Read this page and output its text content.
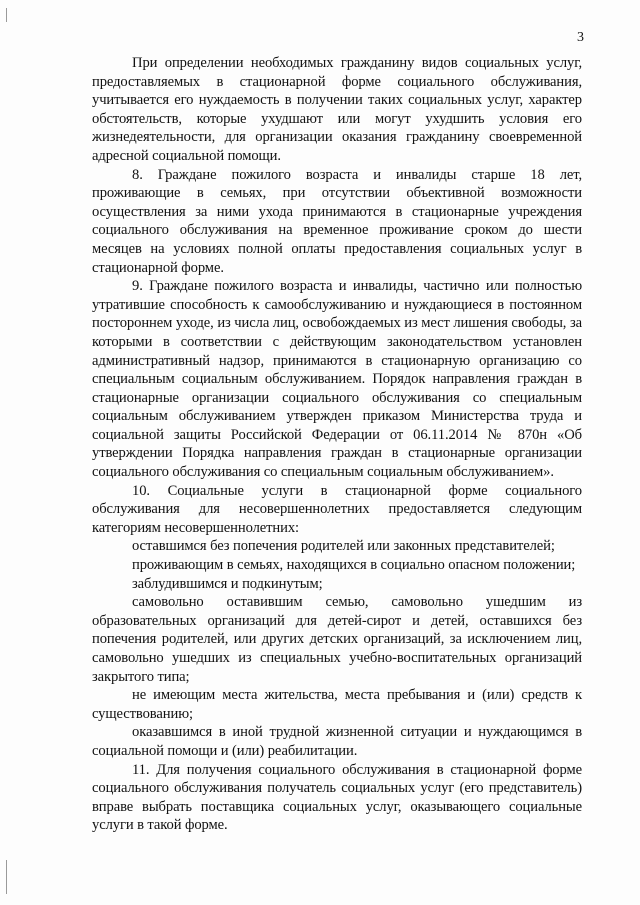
3

При определении необходимых гражданину видов социальных услуг, предоставляемых в стационарной форме социального обслуживания, учитывается его нуждаемость в получении таких социальных услуг, характер обстоятельств, которые ухудшают или могут ухудшить условия его жизнедеятельности, для организации оказания гражданину своевременной адресной социальной помощи.

8. Граждане пожилого возраста и инвалиды старше 18 лет, проживающие в семьях, при отсутствии объективной возможности осуществления за ними ухода принимаются в стационарные учреждения социального обслуживания на временное проживание сроком до шести месяцев на условиях полной оплаты предоставления социальных услуг в стационарной форме.

9. Граждане пожилого возраста и инвалиды, частично или полностью утратившие способность к самообслуживанию и нуждающиеся в постоянном постороннем уходе, из числа лиц, освобождаемых из мест лишения свободы, за которыми в соответствии с действующим законодательством установлен административный надзор, принимаются в стационарную организацию со специальным социальным обслуживанием. Порядок направления граждан в стационарные организации социального обслуживания со специальным социальным обслуживанием утвержден приказом Министерства труда и социальной защиты Российской Федерации от 06.11.2014 № 870н «Об утверждении Порядка направления граждан в стационарные организации социального обслуживания со специальным социальным обслуживанием».

10. Социальные услуги в стационарной форме социального обслуживания для несовершеннолетних предоставляется следующим категориям несовершеннолетних:

оставшимся без попечения родителей или законных представителей;

проживающим в семьях, находящихся в социально опасном положении;

заблудившимся и подкинутым;

самовольно оставившим семью, самовольно ушедшим из образовательных организаций для детей-сирот и детей, оставшихся без попечения родителей, или других детских организаций, за исключением лиц, самовольно ушедших из специальных учебно-воспитательных организаций закрытого типа;

не имеющим места жительства, места пребывания и (или) средств к существованию;

оказавшимся в иной трудной жизненной ситуации и нуждающимся в социальной помощи и (или) реабилитации.

11. Для получения социального обслуживания в стационарной форме социального обслуживания получатель социальных услуг (его представитель) вправе выбрать поставщика социальных услуг, оказывающего социальные услуги в такой форме.
